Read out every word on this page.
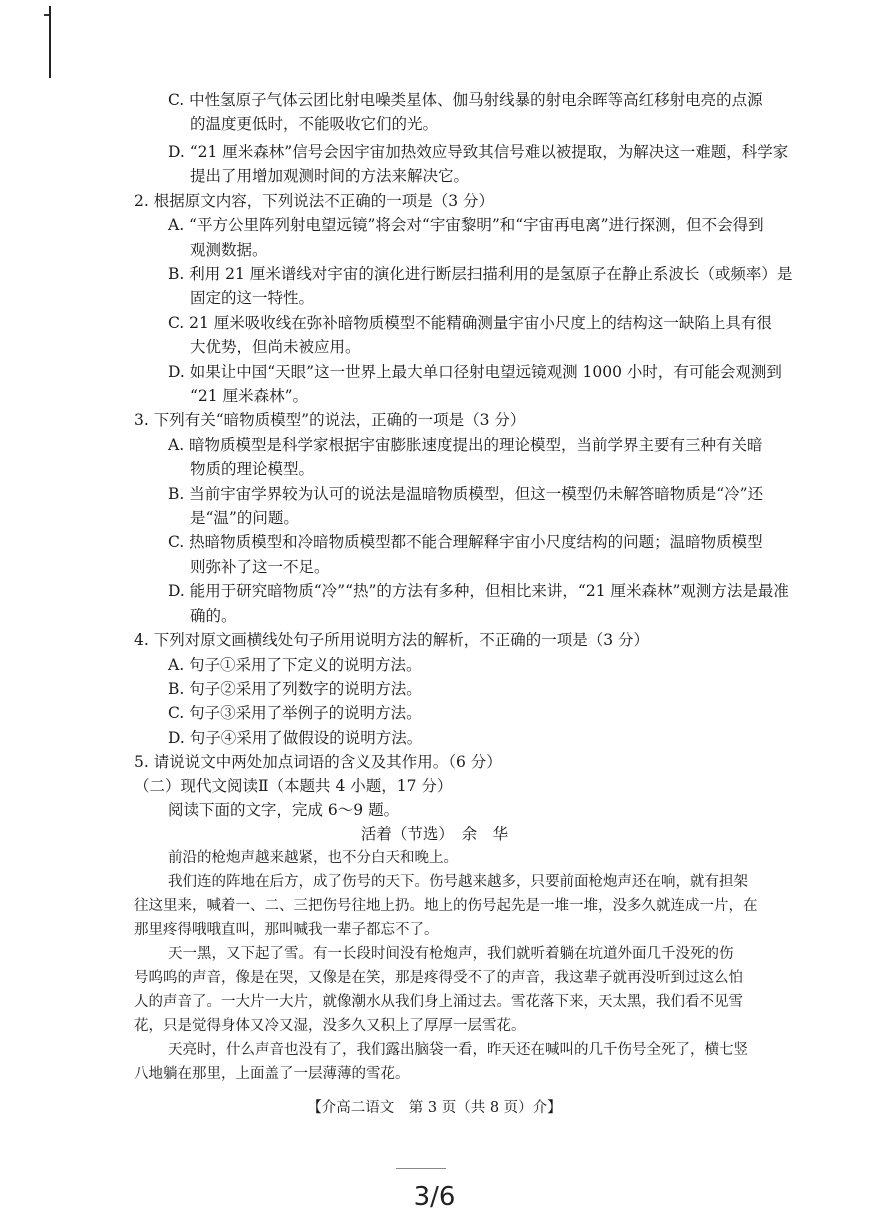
C. 中性氢原子气体云团比射电噪类星体、伽马射线暴的射电余晖等高红移射电亮的点源
的温度更低时，不能吸收它们的光。
D. “21 厘米森林”信号会因宇宙加热效应导致其信号难以被提取，为解决这一难题，科学家
提出了用增加观测时间的方法来解决它。
2. 根据原文内容，下列说法不正确的一项是（3 分）
A. “平方公里阵列射电望远镜”将会对“宇宙黎明”和“宇宙再电离”进行探测，但不会得到
观测数据。
B. 利用 21 厘米谱线对宇宙的演化进行断层扫描利用的是氢原子在静止系波长（或频率）是
固定的这一特性。
C. 21 厘米吸收线在弥补暗物质模型不能精确测量宇宙小尺度上的结构这一缺陷上具有很
大优势，但尚未被应用。
D. 如果让中国“天眼”这一世界上最大单口径射电望远镜观测 1000 小时，有可能会观测到
“21 厘米森林”。
3. 下列有关“暗物质模型”的说法，正确的一项是（3 分）
A. 暗物质模型是科学家根据宇宙膨胀速度提出的理论模型，当前学界主要有三种有关暗
物质的理论模型。
B. 当前宇宙学界较为认可的说法是温暗物质模型，但这一模型仍未解答暗物质是“冷”还
是“温”的问题。
C. 热暗物质模型和冷暗物质模型都不能合理解释宇宙小尺度结构的问题；温暗物质模型
则弥补了这一不足。
D. 能用于研究暗物质“冷”“热”的方法有多种，但相比来讲，“21 厘米森林”观测方法是最准
确的。
4. 下列对原文画横线处句子所用说明方法的解析，不正确的一项是（3 分）
A. 句子①采用了下定义的说明方法。
B. 句子②采用了列数字的说明方法。
C. 句子③采用了举例子的说明方法。
D. 句子④采用了做假设的说明方法。
5. 请说说文中两处加点词语的含义及其作用。（6 分）
（二）现代文阅读Ⅱ（本题共 4 小题，17 分）
阅读下面的文字，完成 6～9 题。
活着（节选）　余　华
前沿的枪炮声越来越紧，也不分白天和晚上。
我们连的阵地在后方，成了伤号的天下。伤号越来越多，只要前面枪炮声还在响，就有担架
往这里来，喊着一、二、三把伤号往地上扔。地上的伤号起先是一堆一堆，没多久就连成一片，在
那里疼得哦哦直叫，那叫喊我一辈子都忘不了。
天一黑，又下起了雪。有一长段时间没有枪炮声，我们就听着躺在坑道外面几千没死的伤
号呜呜的声音，像是在哭，又像是在笑，那是疼得受不了的声音，我这辈子就再没听到过这么怕
人的声音了。一大片一大片，就像潮水从我们身上涌过去。雪花落下来，天太黑，我们看不见雪
花，只是觉得身体又冷又湿，没多久又积上了厚厚一层雪花。
天亮时，什么声音也没有了，我们露出脑袋一看，昨天还在喊叫的几千伤号全死了，横七竖
八地躺在那里，上面盖了一层薄薄的雪花。
【介高二语文　第 3 页（共 8 页）介】
3/6
